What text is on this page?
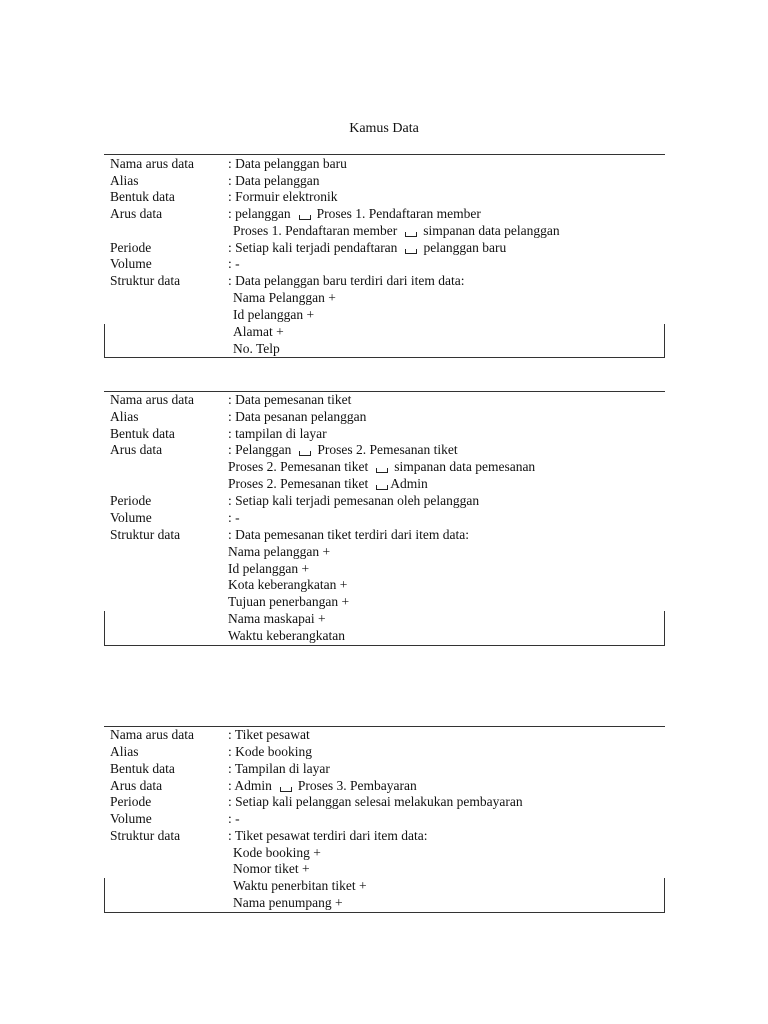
Kamus Data
Nama arus data	: Data pelanggan baru
Alias	: Data pelanggan
Bentuk data	: Formuir elektronik
Arus data	: pelanggan Proses 1. Pendaftaran member
Proses 1. Pendaftaran member simpanan data pelanggan
Periode	: Setiap kali terjadi pendaftaran pelanggan baru
Volume	: -
Struktur data	: Data pelanggan baru terdiri dari item data:
Nama Pelanggan +
Id pelanggan +
Alamat +
No. Telp
Nama arus data	: Data pemesanan tiket
Alias	: Data pesanan pelanggan
Bentuk data	: tampilan di layar
Arus data	: Pelanggan Proses 2. Pemesanan tiket
Proses 2. Pemesanan tiket simpanan data pemesanan
Proses 2. Pemesanan tiket Admin
Periode	: Setiap kali terjadi pemesanan oleh pelanggan
Volume	: -
Struktur data	: Data pemesanan tiket terdiri dari item data:
Nama pelanggan +
Id pelanggan +
Kota keberangkatan +
Tujuan penerbangan +
Nama maskapai +
Waktu keberangkatan
Nama arus data	: Tiket pesawat
Alias	: Kode booking
Bentuk data	: Tampilan di layar
Arus data	: Admin Proses 3. Pembayaran
Periode	: Setiap kali pelanggan selesai melakukan pembayaran
Volume	: -
Struktur data	: Tiket pesawat terdiri dari item data:
Kode booking +
Nomor tiket +
Waktu penerbitan tiket +
Nama penumpang +
